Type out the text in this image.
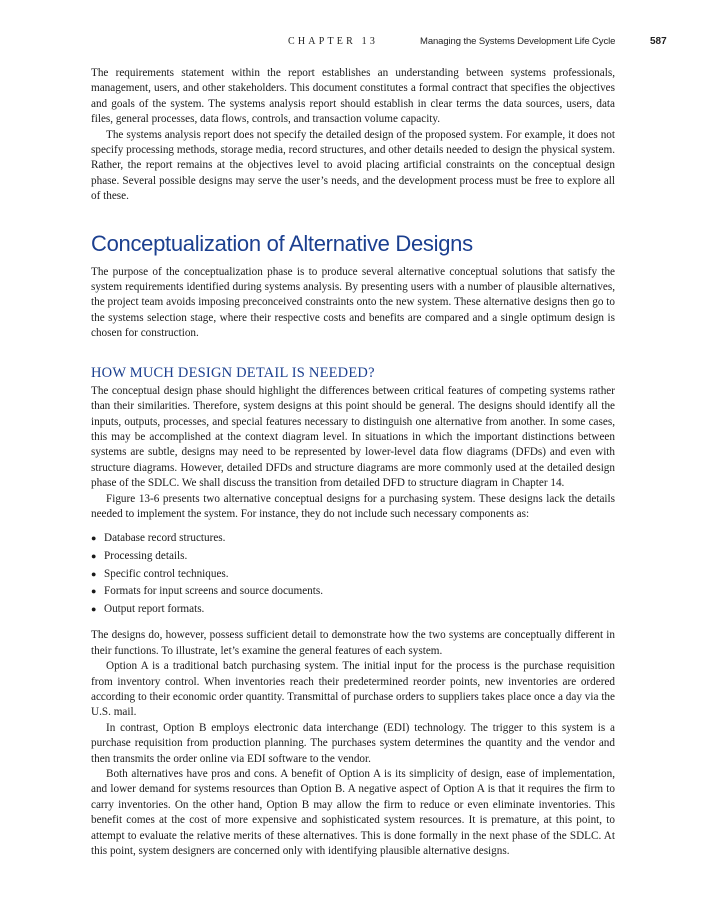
CHAPTER 13	Managing the Systems Development Life Cycle	587

The requirements statement within the report establishes an understanding between systems professionals, management, users, and other stakeholders. This document constitutes a formal contract that specifies the objectives and goals of the system. The systems analysis report should establish in clear terms the data sources, users, data files, general processes, data flows, controls, and transaction volume capacity.

The systems analysis report does not specify the detailed design of the proposed system. For example, it does not specify processing methods, storage media, record structures, and other details needed to design the physical system. Rather, the report remains at the objectives level to avoid placing artificial constraints on the conceptual design phase. Several possible designs may serve the user’s needs, and the development process must be free to explore all of these.

Conceptualization of Alternative Designs

The purpose of the conceptualization phase is to produce several alternative conceptual solutions that satisfy the system requirements identified during systems analysis. By presenting users with a number of plausible alternatives, the project team avoids imposing preconceived constraints onto the new system. These alternative designs then go to the systems selection stage, where their respective costs and benefits are compared and a single optimum design is chosen for construction.

HOW MUCH DESIGN DETAIL IS NEEDED?

The conceptual design phase should highlight the differences between critical features of competing systems rather than their similarities. Therefore, system designs at this point should be general. The designs should identify all the inputs, outputs, processes, and special features necessary to distinguish one alternative from another. In some cases, this may be accomplished at the context diagram level. In situations in which the important distinctions between systems are subtle, designs may need to be represented by lower-level data flow diagrams (DFDs) and even with structure diagrams. However, detailed DFDs and structure diagrams are more commonly used at the detailed design phase of the SDLC. We shall discuss the transition from detailed DFD to structure diagram in Chapter 14.

Figure 13-6 presents two alternative conceptual designs for a purchasing system. These designs lack the details needed to implement the system. For instance, they do not include such necessary components as:

● Database record structures.
● Processing details.
● Specific control techniques.
● Formats for input screens and source documents.
● Output report formats.

The designs do, however, possess sufficient detail to demonstrate how the two systems are conceptually different in their functions. To illustrate, let’s examine the general features of each system.

Option A is a traditional batch purchasing system. The initial input for the process is the purchase requisition from inventory control. When inventories reach their predetermined reorder points, new inventories are ordered according to their economic order quantity. Transmittal of purchase orders to suppliers takes place once a day via the U.S. mail.

In contrast, Option B employs electronic data interchange (EDI) technology. The trigger to this system is a purchase requisition from production planning. The purchases system determines the quantity and the vendor and then transmits the order online via EDI software to the vendor.

Both alternatives have pros and cons. A benefit of Option A is its simplicity of design, ease of implementation, and lower demand for systems resources than Option B. A negative aspect of Option A is that it requires the firm to carry inventories. On the other hand, Option B may allow the firm to reduce or even eliminate inventories. This benefit comes at the cost of more expensive and sophisticated system resources. It is premature, at this point, to attempt to evaluate the relative merits of these alternatives. This is done formally in the next phase of the SDLC. At this point, system designers are concerned only with identifying plausible alternative designs.
